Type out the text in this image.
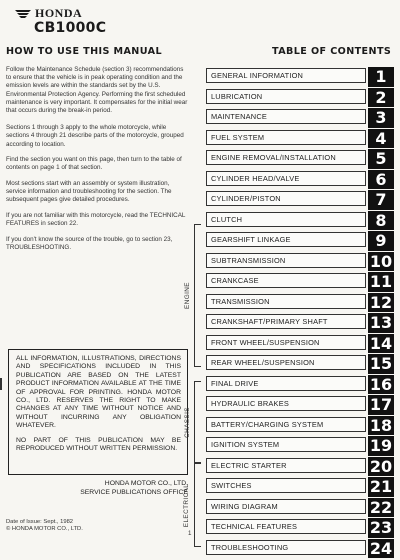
HONDA
CB1000C
HOW TO USE THIS MANUAL	TABLE OF CONTENTS

Follow the Maintenance Schedule (section 3) recommendations to ensure that the vehicle is in peak operating condition and the emission levels are within the standards set by the U.S. Environmental Protection Agency. Performing the first scheduled maintenance is very important. It compensates for the initial wear that occurs during the break-in period.

Sections 1 through 3 apply to the whole motorcycle, while sections 4 through 21 describe parts of the motorcycle, grouped according to location.

Find the section you want on this page, then turn to the table of contents on page 1 of that section.

Most sections start with an assembly or system illustration, service information and troubleshooting for the section. The subsequent pages give detailed procedures.

If you are not familiar with this motorcycle, read the TECHNICAL FEATURES in section 22.

If you don't know the source of the trouble, go to section 23, TROUBLESHOOTING.

ALL INFORMATION, ILLUSTRATIONS, DIRECTIONS AND SPECIFICATIONS INCLUDED IN THIS PUBLICATION ARE BASED ON THE LATEST PRODUCT INFORMATION AVAILABLE AT THE TIME OF APPROVAL FOR PRINTING. HONDA MOTOR CO., LTD. RESERVES THE RIGHT TO MAKE CHANGES AT ANY TIME WITHOUT NOTICE AND WITHOUT INCURRING ANY OBLIGATION WHATEVER.

NO PART OF THIS PUBLICATION MAY BE REPRODUCED WITHOUT WRITTEN PERMISSION.

HONDA MOTOR CO., LTD.
SERVICE PUBLICATIONS OFFICE
Date of Issue: Sept., 1982
© HONDA MOTOR CO., LTD.
1
ENGINE
CHASSIS
ELECTRICAL
GENERAL INFORMATION	1
LUBRICATION	2
MAINTENANCE	3
FUEL SYSTEM	4
ENGINE REMOVAL/INSTALLATION	5
CYLINDER HEAD/VALVE	6
CYLINDER/PISTON	7
CLUTCH	8
GEARSHIFT LINKAGE	9
SUBTRANSMISSION	10
CRANKCASE	11
TRANSMISSION	12
CRANKSHAFT/PRIMARY SHAFT	13
FRONT WHEEL/SUSPENSION	14
REAR WHEEL/SUSPENSION	15
FINAL DRIVE	16
HYDRAULIC BRAKES	17
BATTERY/CHARGING SYSTEM	18
IGNITION SYSTEM	19
ELECTRIC STARTER	20
SWITCHES	21
WIRING DIAGRAM	22
TECHNICAL FEATURES	23
TROUBLESHOOTING	24
